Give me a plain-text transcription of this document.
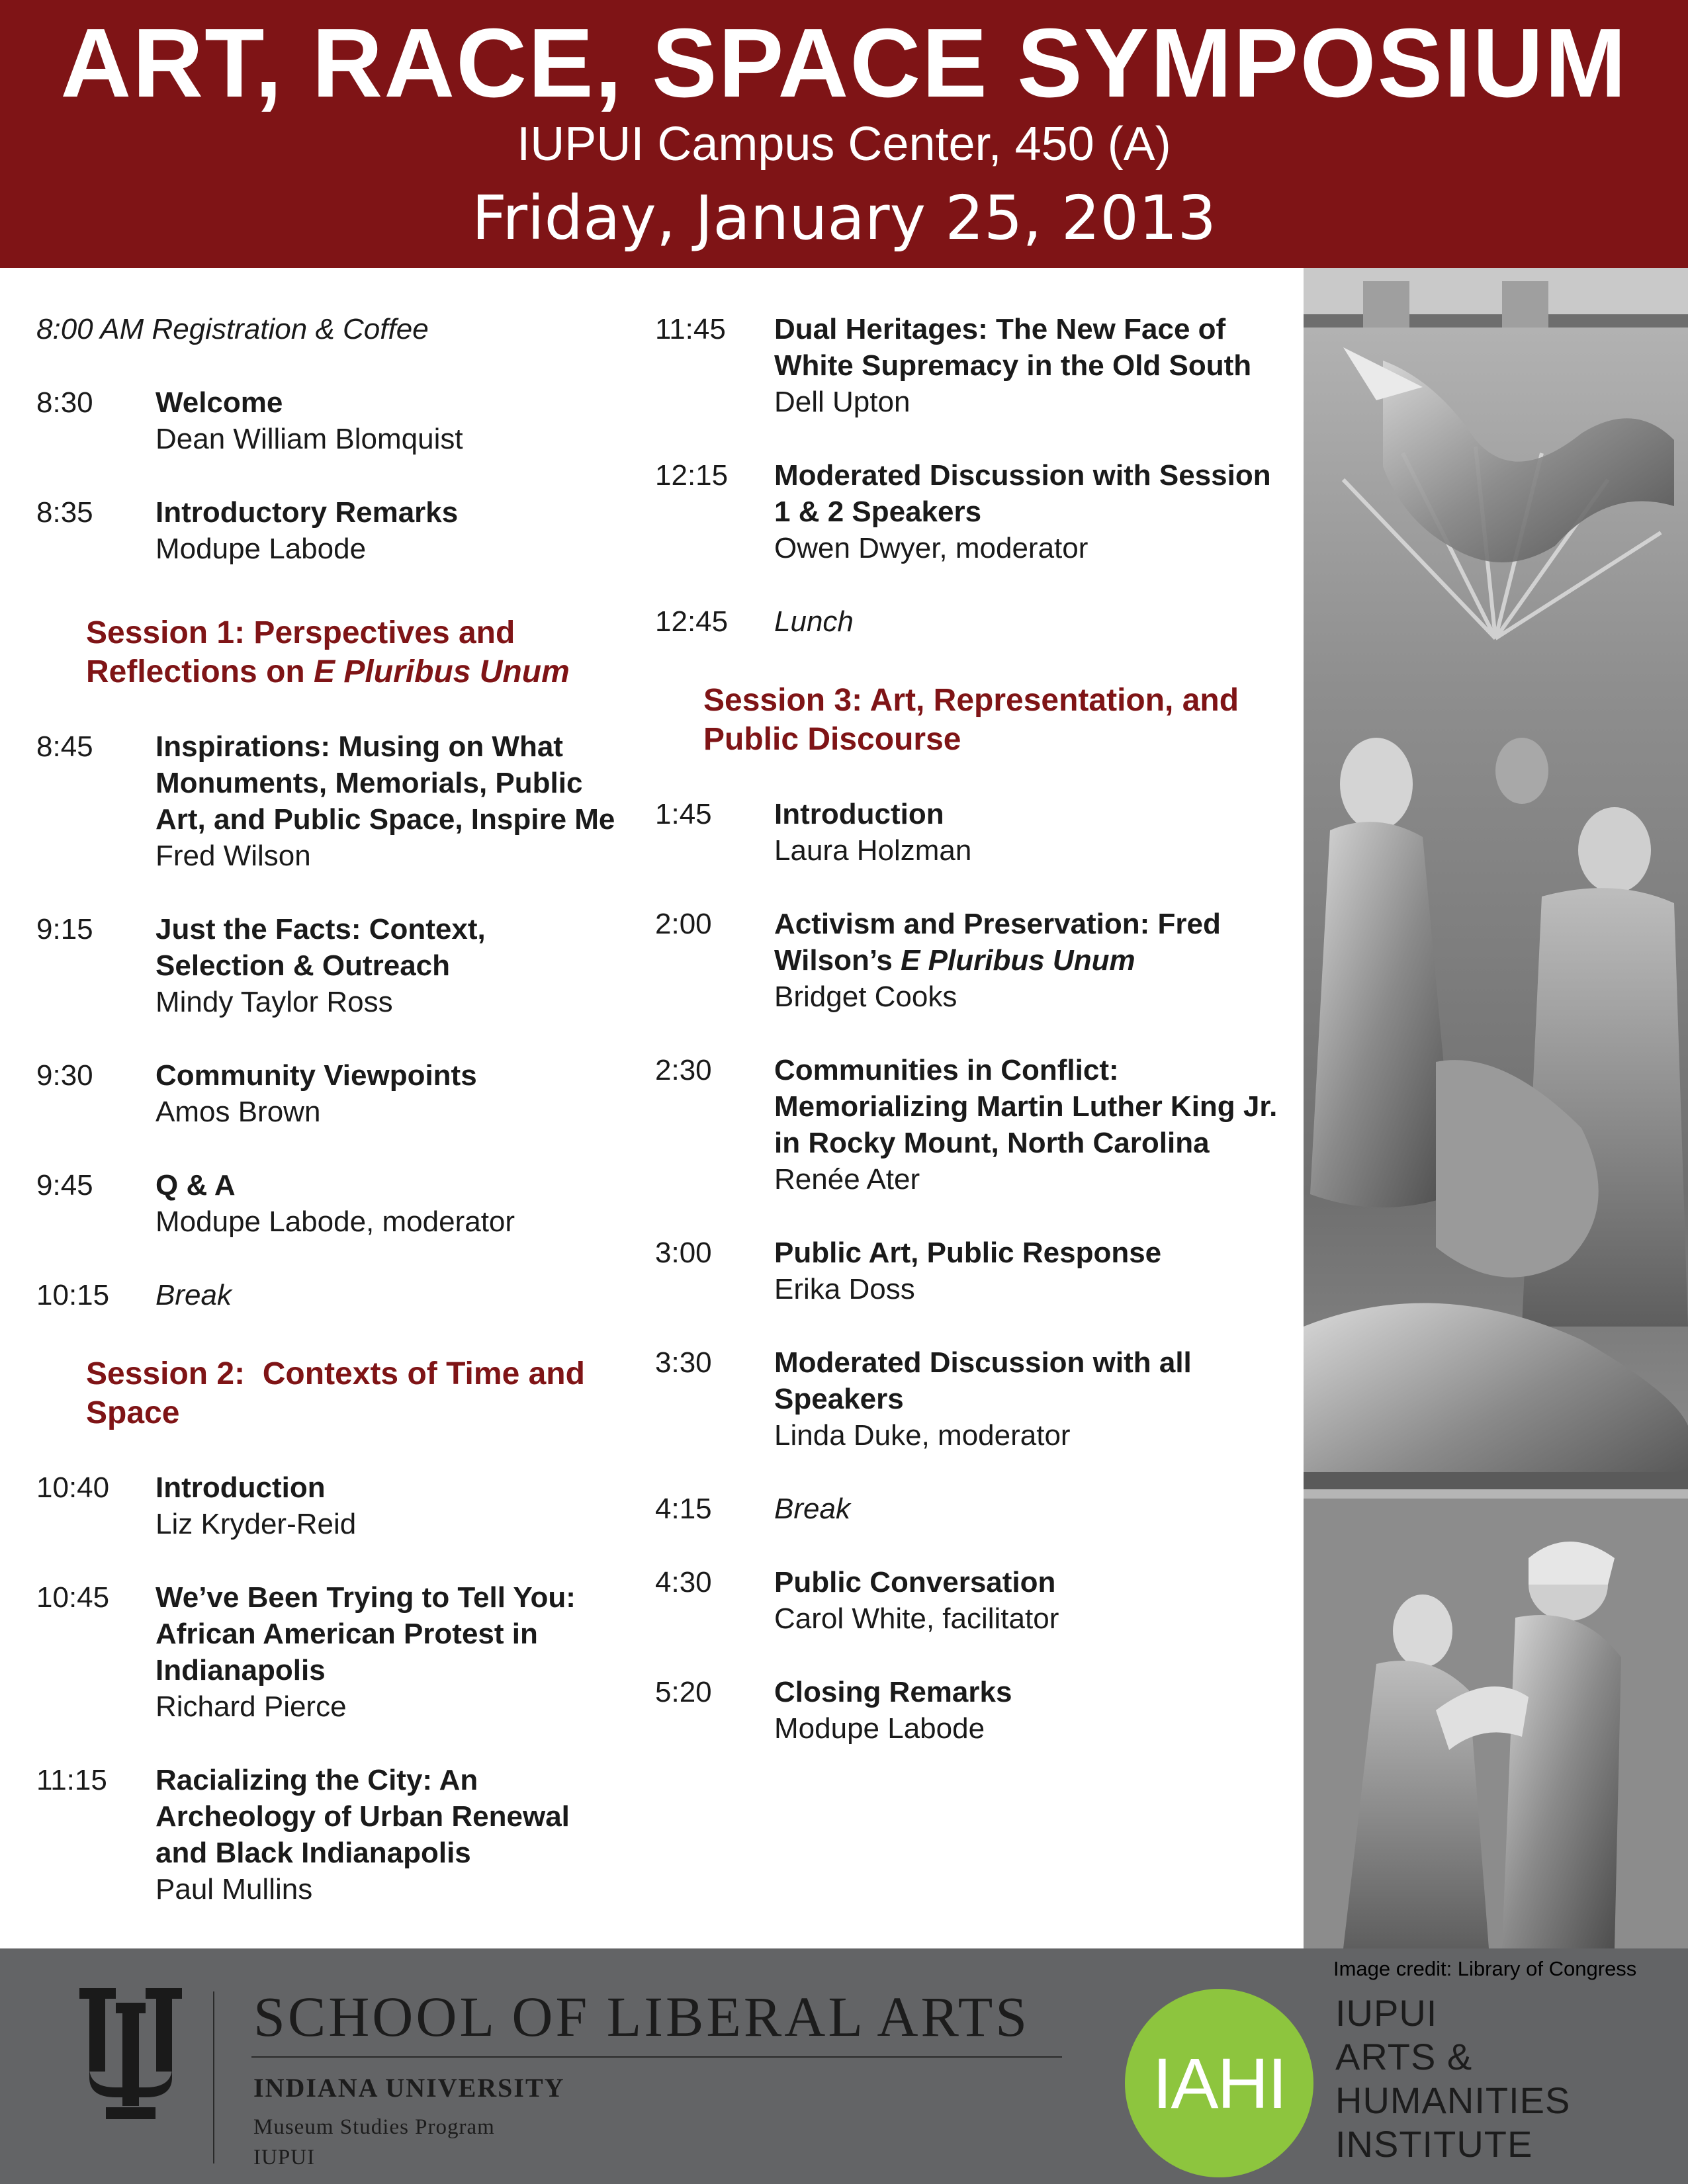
ART, RACE, SPACE SYMPOSIUM
IUPUI Campus Center, 450 (A)
Friday, January 25, 2013
8:00 AM Registration & Coffee
8:30 Welcome
Dean William Blomquist
8:35 Introductory Remarks
Modupe Labode
Session 1: Perspectives and
Reflections on E Pluribus Unum
8:45 Inspirations: Musing on What Monuments, Memorials, Public Art, and Public Space, Inspire Me
Fred Wilson
9:15 Just the Facts: Context, Selection & Outreach
Mindy Taylor Ross
9:30 Community Viewpoints
Amos Brown
9:45 Q & A
Modupe Labode, moderator
10:15 Break
Session 2:  Contexts of Time and
Space
10:40 Introduction
Liz Kryder-Reid
10:45 We’ve Been Trying to Tell You: African American Protest in Indianapolis
Richard Pierce
11:15 Racializing the City: An Archeology of Urban Renewal and Black Indianapolis
Paul Mullins
11:45 Dual Heritages: The New Face of White Supremacy in the Old South
Dell Upton
12:15 Moderated Discussion with Session 1 & 2 Speakers
Owen Dwyer, moderator
12:45 Lunch
Session 3: Art, Representation, and
Public Discourse
1:45 Introduction
Laura Holzman
2:00 Activism and Preservation: Fred Wilson’s E Pluribus Unum
Bridget Cooks
2:30 Communities in Conflict: Memorializing Martin Luther King Jr. in Rocky Mount, North Carolina
Renée Ater
3:00 Public Art, Public Response
Erika Doss
3:30 Moderated Discussion with all Speakers
Linda Duke, moderator
4:15 Break
4:30 Public Conversation
Carol White, facilitator
5:20 Closing Remarks
Modupe Labode
Image credit: Library of Congress
SCHOOL OF LIBERAL ARTS
INDIANA UNIVERSITY
Museum Studies Program
IUPUI
IAHI
IUPUI
ARTS &
HUMANITIES
INSTITUTE
